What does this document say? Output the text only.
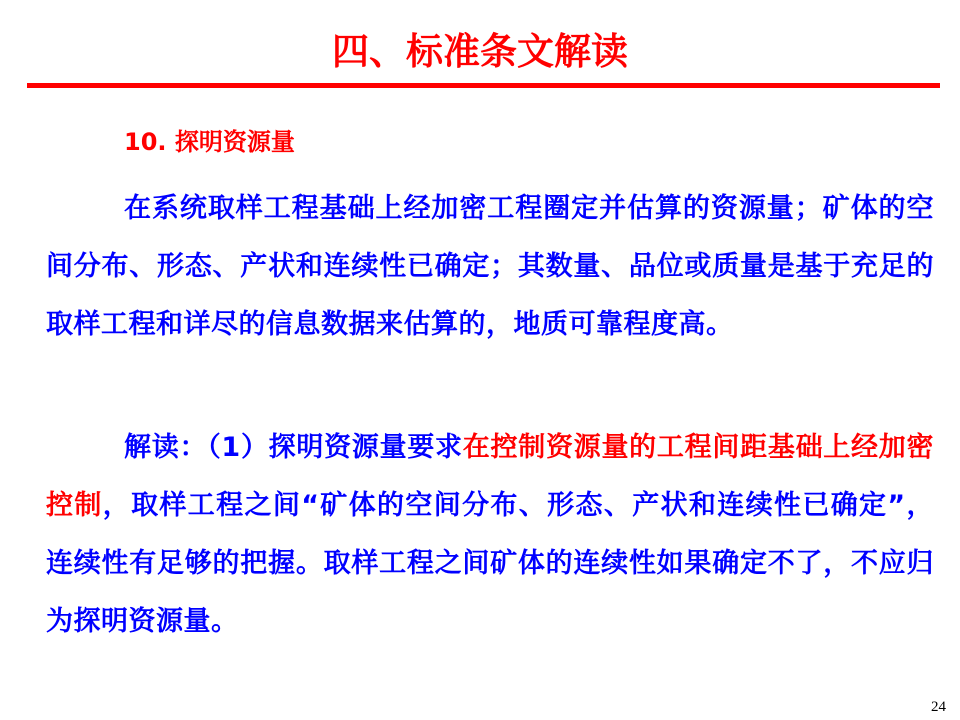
四、标准条文解读
10. 探明资源量
在系统取样工程基础上经加密工程圈定并估算的资源量；矿体的空间分布、形态、产状和连续性已确定；其数量、品位或质量是基于充足的取样工程和详尽的信息数据来估算的，地质可靠程度高。
解读：（1）探明资源量要求在控制资源量的工程间距基础上经加密控制，取样工程之间“矿体的空间分布、形态、产状和连续性已确定”，连续性有足够的把握。取样工程之间矿体的连续性如果确定不了，不应归为探明资源量。
24
